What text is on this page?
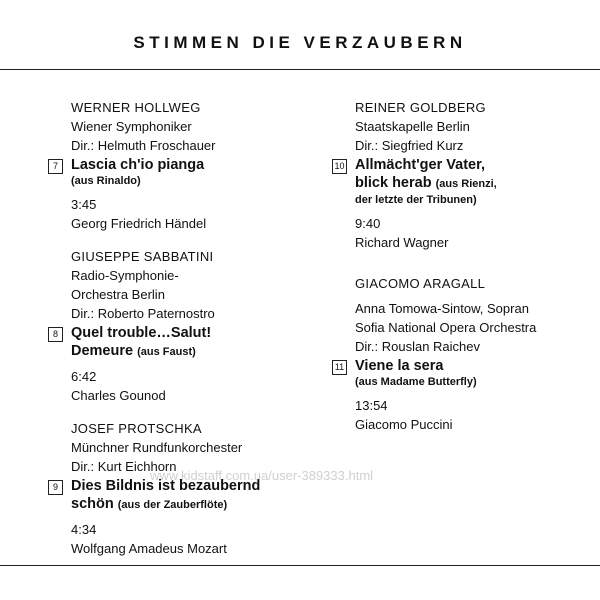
STIMMEN DIE VERZAUBERN
WERNER HOLLWEG
Wiener Symphoniker
Dir.: Helmuth Froschauer
7 Lascia ch'io pianga
(aus Rinaldo)
3:45
Georg Friedrich Händel
GIUSEPPE SABBATINI
Radio-Symphonie-
Orchestra Berlin
Dir.: Roberto Paternostro
8 Quel trouble…Salut!
Demeure (aus Faust)
6:42
Charles Gounod
JOSEF PROTSCHKA
Münchner Rundfunkorchester
Dir.: Kurt Eichhorn
9 Dies Bildnis ist bezaubernd
schön (aus der Zauberflöte)
4:34
Wolfgang Amadeus Mozart
REINER GOLDBERG
Staatskapelle Berlin
Dir.: Siegfried Kurz
10 Allmächt'ger Vater,
blick herab (aus Rienzi,
der letzte der Tribunen)
9:40
Richard Wagner
GIACOMO ARAGALL
Anna Tomowa-Sintow, Sopran
Sofia National Opera Orchestra
Dir.: Rouslan Raichev
11 Viene la sera
(aus Madame Butterfly)
13:54
Giacomo Puccini
www.kidstaff.com.ua/user-389333.html
